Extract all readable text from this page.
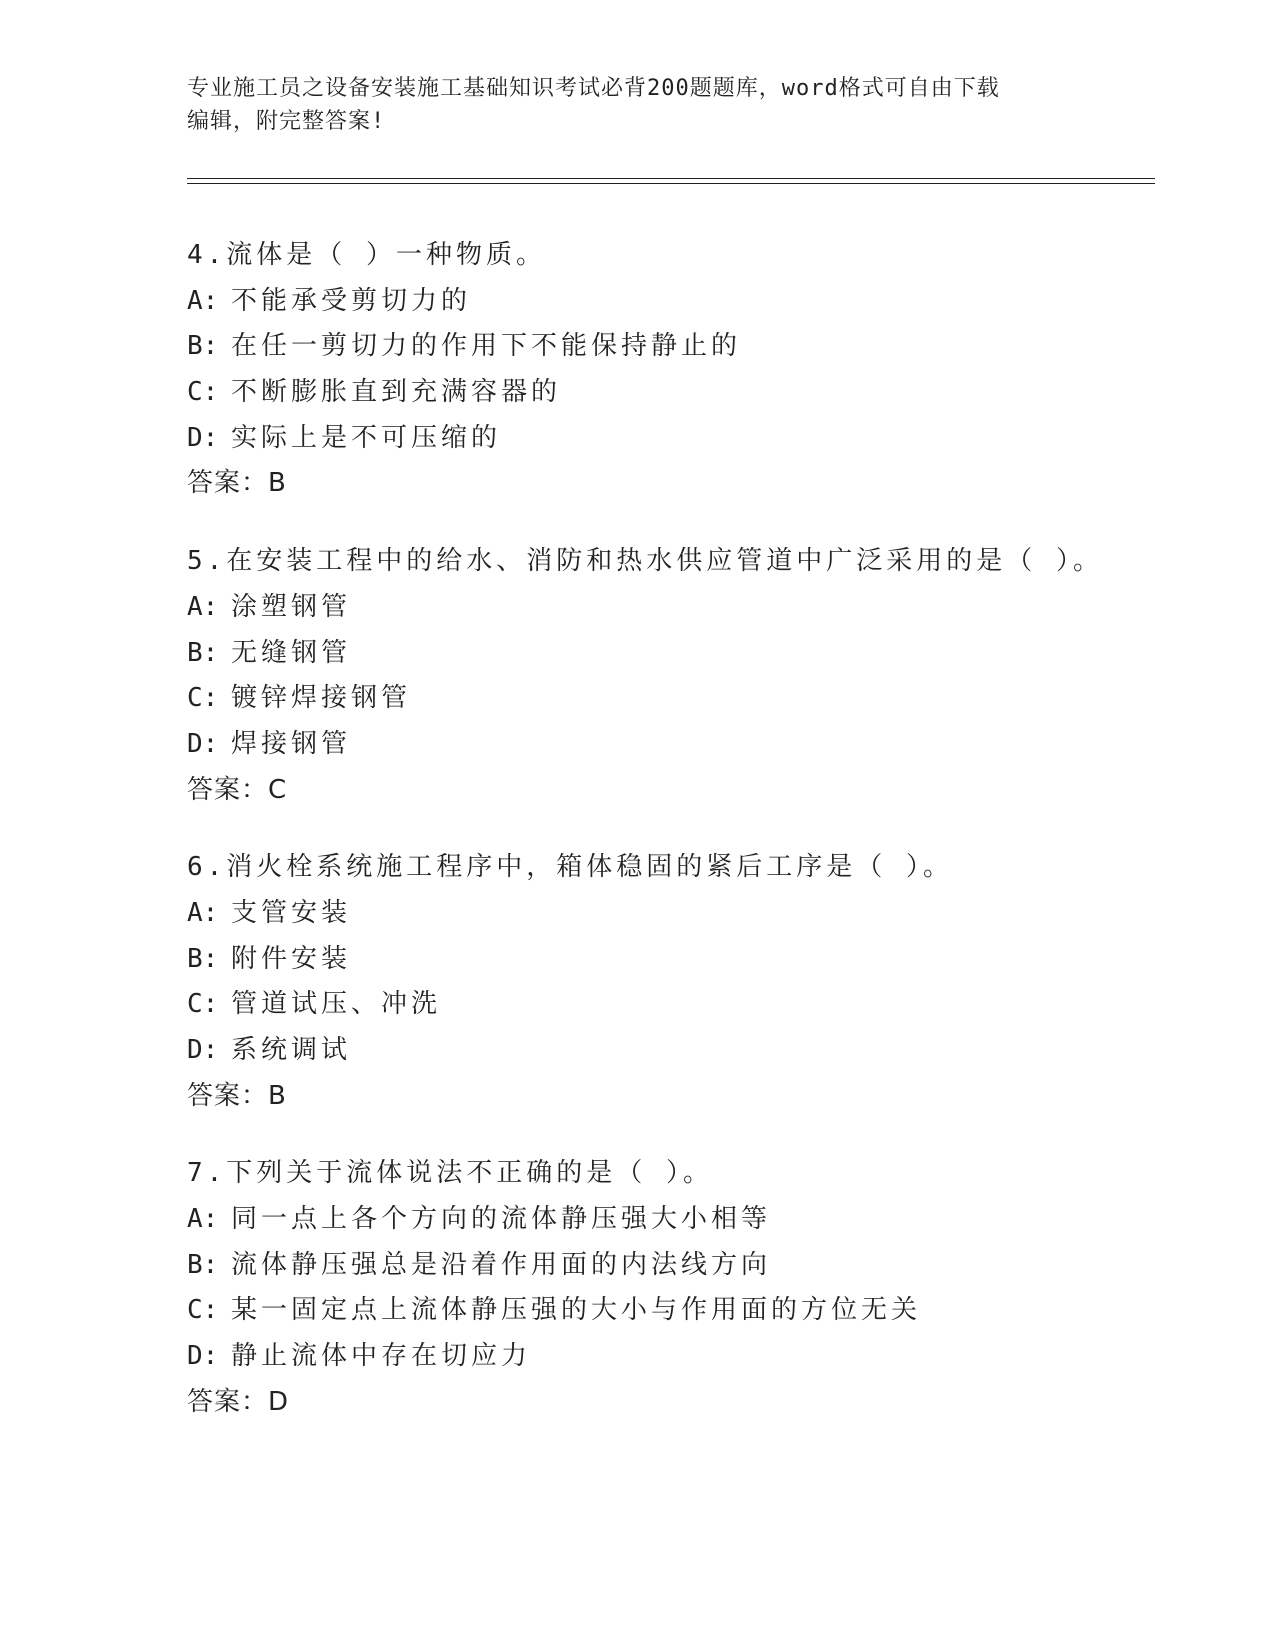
专业施工员之设备安装施工基础知识考试必背200题题库，word格式可自由下载
编辑，附完整答案!
4.流体是（ ）一种物质。
A: 不能承受剪切力的
B: 在任一剪切力的作用下不能保持静止的
C: 不断膨胀直到充满容器的
D: 实际上是不可压缩的
答案：B
5.在安装工程中的给水、消防和热水供应管道中广泛采用的是（ ）。
A: 涂塑钢管
B: 无缝钢管
C: 镀锌焊接钢管
D: 焊接钢管
答案：C
6.消火栓系统施工程序中，箱体稳固的紧后工序是（ ）。
A: 支管安装
B: 附件安装
C: 管道试压、冲洗
D: 系统调试
答案：B
7.下列关于流体说法不正确的是（ ）。
A: 同一点上各个方向的流体静压强大小相等
B: 流体静压强总是沿着作用面的内法线方向
C: 某一固定点上流体静压强的大小与作用面的方位无关
D: 静止流体中存在切应力
答案：D
